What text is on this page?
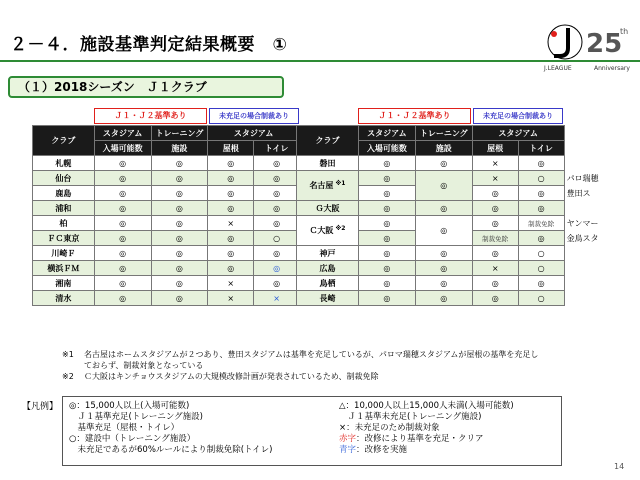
２－４．施設基準判定結果概要　①	25
th
J.LEAGUE	Anniversary
（１）2018シーズン　Ｊ１クラブ
Ｊ１・Ｊ２基準あり	未充足の場合制裁あり	Ｊ１・Ｊ２基準あり	未充足の場合制裁あり
クラブ	スタジアム	トレーニング	スタジアム	
	入場可能数	施設	屋根	トイレ
札幌	◎	◎	◎	◎
仙台	◎	◎	◎	◎
鹿島	◎	◎	◎	◎
浦和	◎	◎	◎	◎
柏	◎	◎	×	◎
ＦＣ東京	◎	◎	◎	○
川崎Ｆ	◎	◎	◎	◎
横浜ＦＭ	◎	◎	◎	◎
湘南	◎	◎	×	◎
清水	◎	◎	×	×
クラブ	スタジアム	トレーニング	スタジアム		
	入場可能数	施設	屋根	トイレ	
磐田	◎	◎	×	◎	
名古屋 $^{※1}$	◎	◎	×	○	パロ瑞穂
	◎		◎	◎	豊田ス
Ｇ大阪	◎	◎	◎	◎	
Ｃ大阪 $^{※2}$	◎	◎	◎	制裁免除	ヤンマー
	◎		制裁免除	◎	金鳥スタ
神戸	◎	◎	◎	○	
広島	◎	◎	×	○	
鳥栖	◎	◎	◎	◎	
長崎	◎	◎	◎	○	
※1	名古屋はホームスタジアムが２つあり、豊田スタジアムは基準を充足しているが、パロマ瑞穂スタジアムが屋根の基準を充足し
ておらず、制裁対象となっている
※2	Ｃ大阪はキンチョウスタジアムの大規模改修計画が発表されているため、制裁免除
【凡例】 ◎：15,000人以上(入場可能数)
　Ｊ１基準充足(トレーニング施設)
　基準充足（屋根・トイレ）
○：建設中（トレーニング施設）
　未充足であるが60%ルールにより制裁免除(トイレ)
△：10,000人以上15,000人未満(入場可能数)
　Ｊ１基準未充足(トレーニング施設)
×：未充足のため制裁対象
赤字：改修により基準を充足・クリア
青字：改修を実施
14
